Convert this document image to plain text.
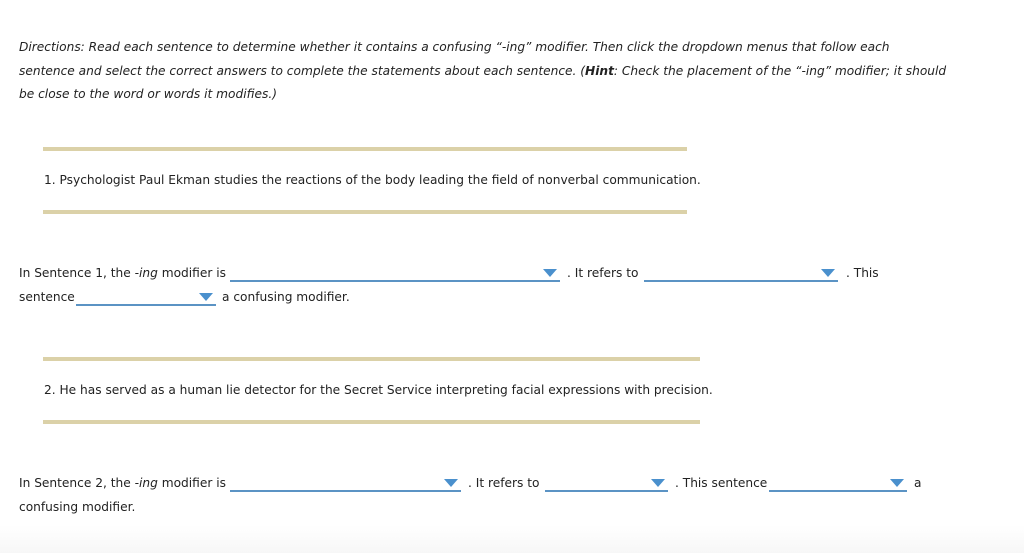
Directions: Read each sentence to determine whether it contains a confusing “-ing” modifier. Then click the dropdown menus that follow each sentence and select the correct answers to complete the statements about each sentence. (Hint: Check the placement of the “-ing” modifier; it should be close to the word or words it modifies.)
1. Psychologist Paul Ekman studies the reactions of the body leading the field of nonverbal communication.
In Sentence 1, the -ing modifier is	. It refers to	. This
sentence	a confusing modifier.
2. He has served as a human lie detector for the Secret Service interpreting facial expressions with precision.
In Sentence 2, the -ing modifier is	. It refers to	. This sentence	a
confusing modifier.
